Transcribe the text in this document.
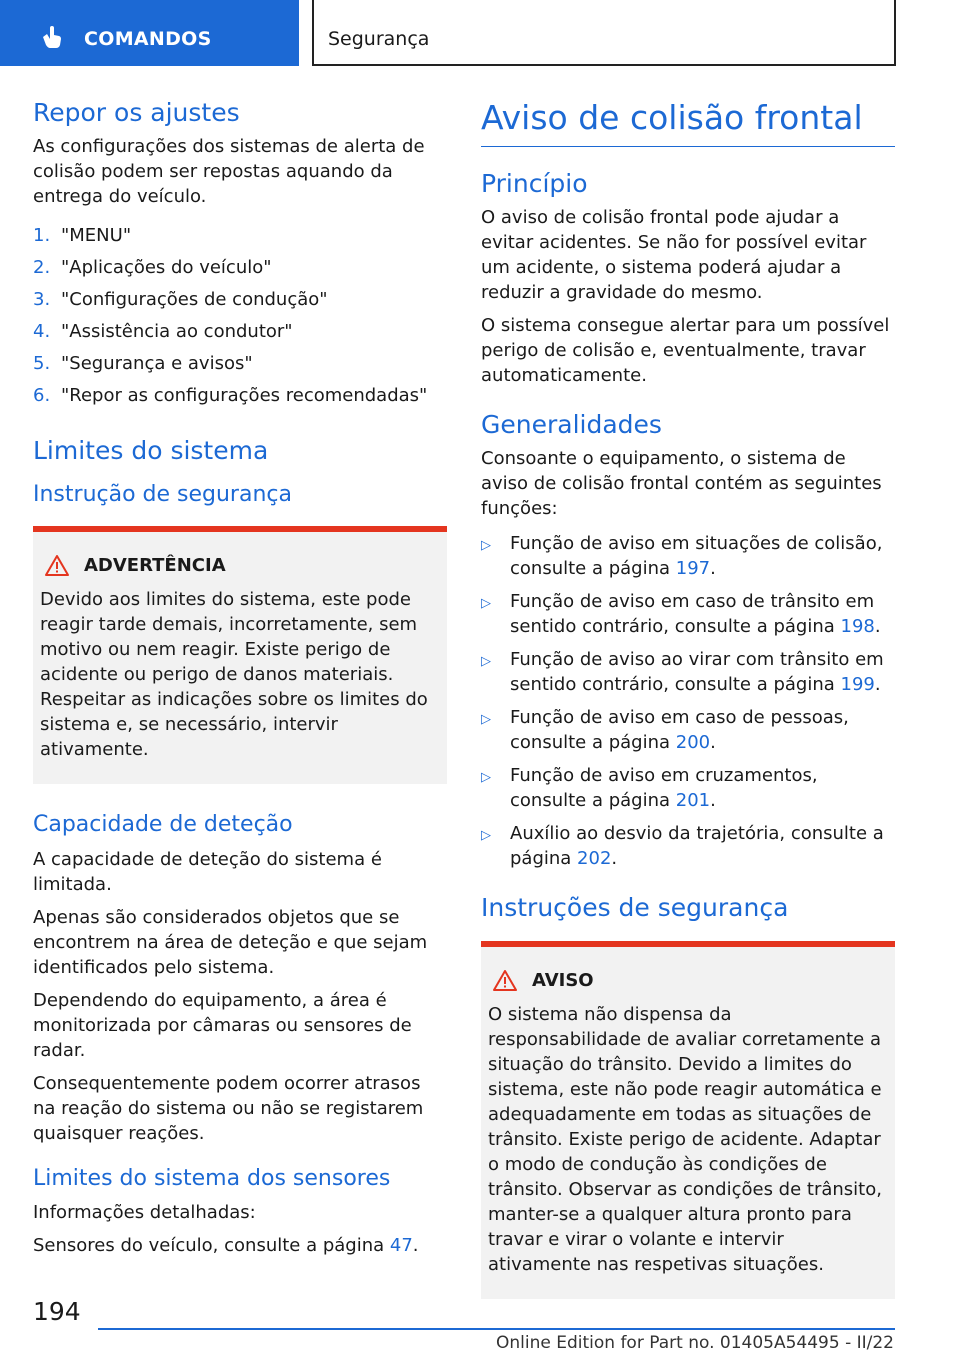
COMANDOS	Segurança
Repor os ajustes

As configurações dos sistemas de alerta de colisão podem ser repostas aquando da entrega do veículo.

1. "MENU"
2. "Aplicações do veículo"
3. "Configurações de condução"
4. "Assistência ao condutor"
5. "Segurança e avisos"
6. "Repor as configurações recomendadas"
Limites do sistema
Instrução de segurança
ADVERTÊNCIA

Devido aos limites do sistema, este pode reagir tarde demais, incorretamente, sem motivo ou nem reagir. Existe perigo de acidente ou perigo de danos materiais. Respeitar as indicações sobre os limites do sistema e, se necessário, intervir ativamente.

Capacidade de deteção

A capacidade de deteção do sistema é limitada.

Apenas são considerados objetos que se encontrem na área de deteção e que sejam identificados pelo sistema.

Dependendo do equipamento, a área é monitorizada por câmaras ou sensores de radar.

Consequentemente podem ocorrer atrasos na reação do sistema ou não se registarem quaisquer reações.

Limites do sistema dos sensores

Informações detalhadas:

Sensores do veículo, consulte a página 47.

Aviso de colisão frontal
Princípio

O aviso de colisão frontal pode ajudar a evitar acidentes. Se não for possível evitar um acidente, o sistema poderá ajudar a reduzir a gravidade do mesmo.

O sistema consegue alertar para um possível perigo de colisão e, eventualmente, travar automaticamente.

Generalidades

Consoante o equipamento, o sistema de aviso de colisão frontal contém as seguintes funções:

▷	Função de aviso em situações de colisão, consulte a página 197.
▷	Função de aviso em caso de trânsito em sentido contrário, consulte a página 198.
▷	Função de aviso ao virar com trânsito em sentido contrário, consulte a página 199.
▷	Função de aviso em caso de pessoas, consulte a página 200.
▷	Função de aviso em cruzamentos, consulte a página 201.
▷	Auxílio ao desvio da trajetória, consulte a página 202.
Instruções de segurança
AVISO

O sistema não dispensa da responsabilidade de avaliar corretamente a situação do trânsito. Devido a limites do sistema, este não pode reagir automática e adequadamente em todas as situações de trânsito. Existe perigo de acidente. Adaptar o modo de condução às condições de trânsito. Observar as condições de trânsito, manter-se a qualquer altura pronto para travar e virar o volante e intervir ativamente nas respetivas situações.

194
Online Edition for Part no. 01405A54495 - II/22
